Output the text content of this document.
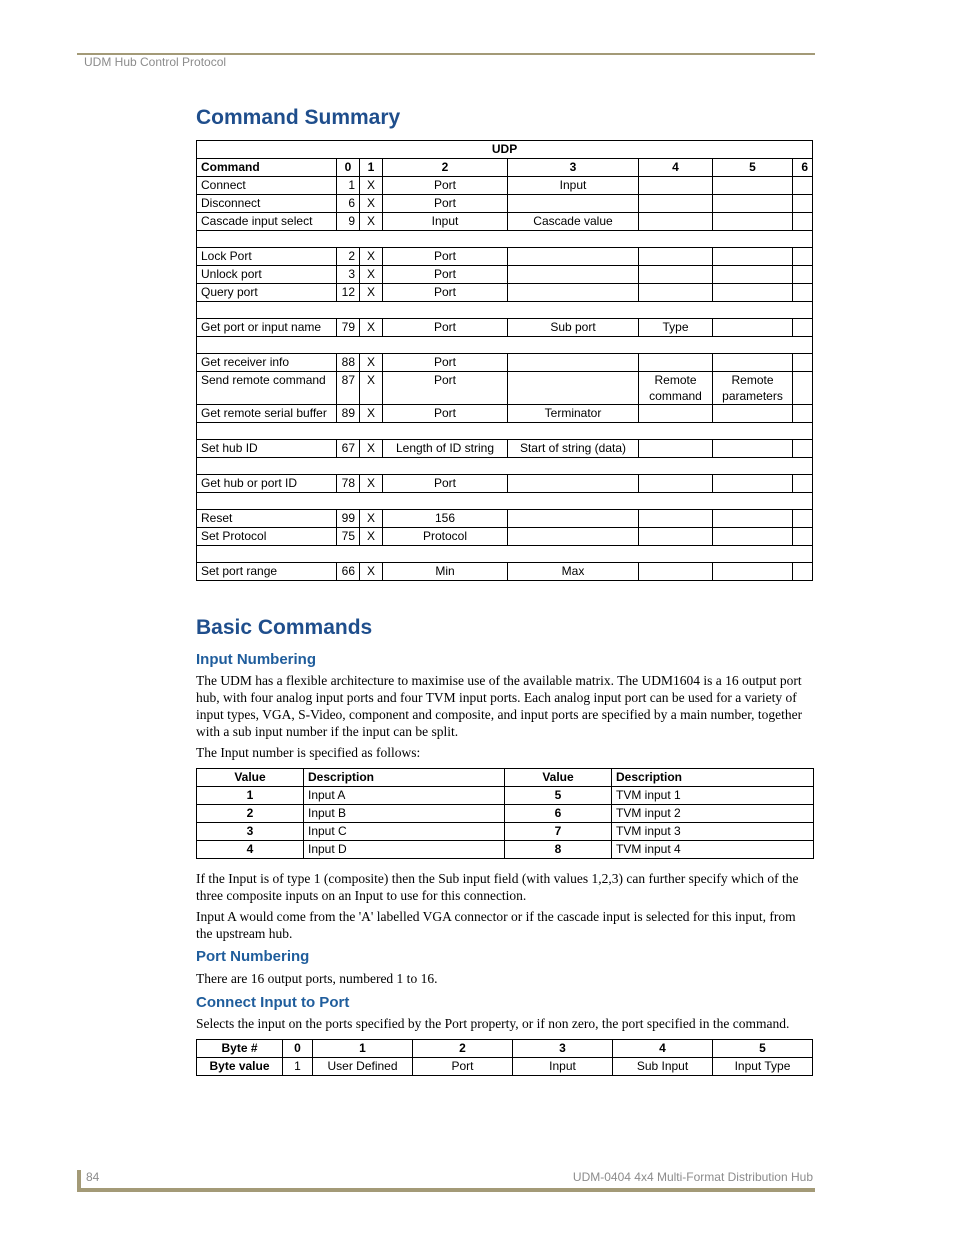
UDM Hub Control Protocol
Command Summary
UDP							
Command	0	1	2	3	4	5	6
Connect	1	X	Port	Input			
Disconnect	6	X	Port				
Cascade input select	9	X	Input	Cascade value			

Lock Port	2	X	Port				
Unlock port	3	X	Port				
Query port	12	X	Port				

Get port or input name	79	X	Port	Sub port	Type		

Get receiver info	88	X	Port				
Send remote command	87	X	Port		Remote command	Remote parameters	
Get remote serial buffer	89	X	Port	Terminator			

Set hub ID	67	X	Length of ID string	Start of string (data)			

Get hub or port ID	78	X	Port				

Reset	99	X	156				
Set Protocol	75	X	Protocol				

Set port range	66	X	Min	Max			
Basic Commands
Input Numbering

The UDM has a flexible architecture to maximise use of the available matrix. The UDM1604 is a 16 output port hub, with four analog input ports and four TVM input ports. Each analog input port can be used for a variety of input types, VGA, S-Video, component and composite, and input ports are specified by a main number, together with a sub input number if the input can be split.

The Input number is specified as follows:

Value	Description	Value	Description
1	Input A	5	TVM input 1
2	Input B	6	TVM input 2
3	Input C	7	TVM input 3
4	Input D	8	TVM input 4

If the Input is of type 1 (composite) then the Sub input field (with values 1,2,3) can further specify which of the three composite inputs on an Input to use for this connection.

Input A would come from the 'A' labelled VGA connector or if the cascade input is selected for this input, from the upstream hub.

Port Numbering

There are 16 output ports, numbered 1 to 16.

Connect Input to Port

Selects the input on the ports specified by the Port property, or if non zero, the port specified in the command.

Byte #	0	1	2	3	4	5
Byte value	1	User Defined	Port	Input	Sub Input	Input Type
84	UDM-0404 4x4 Multi-Format Distribution Hub
